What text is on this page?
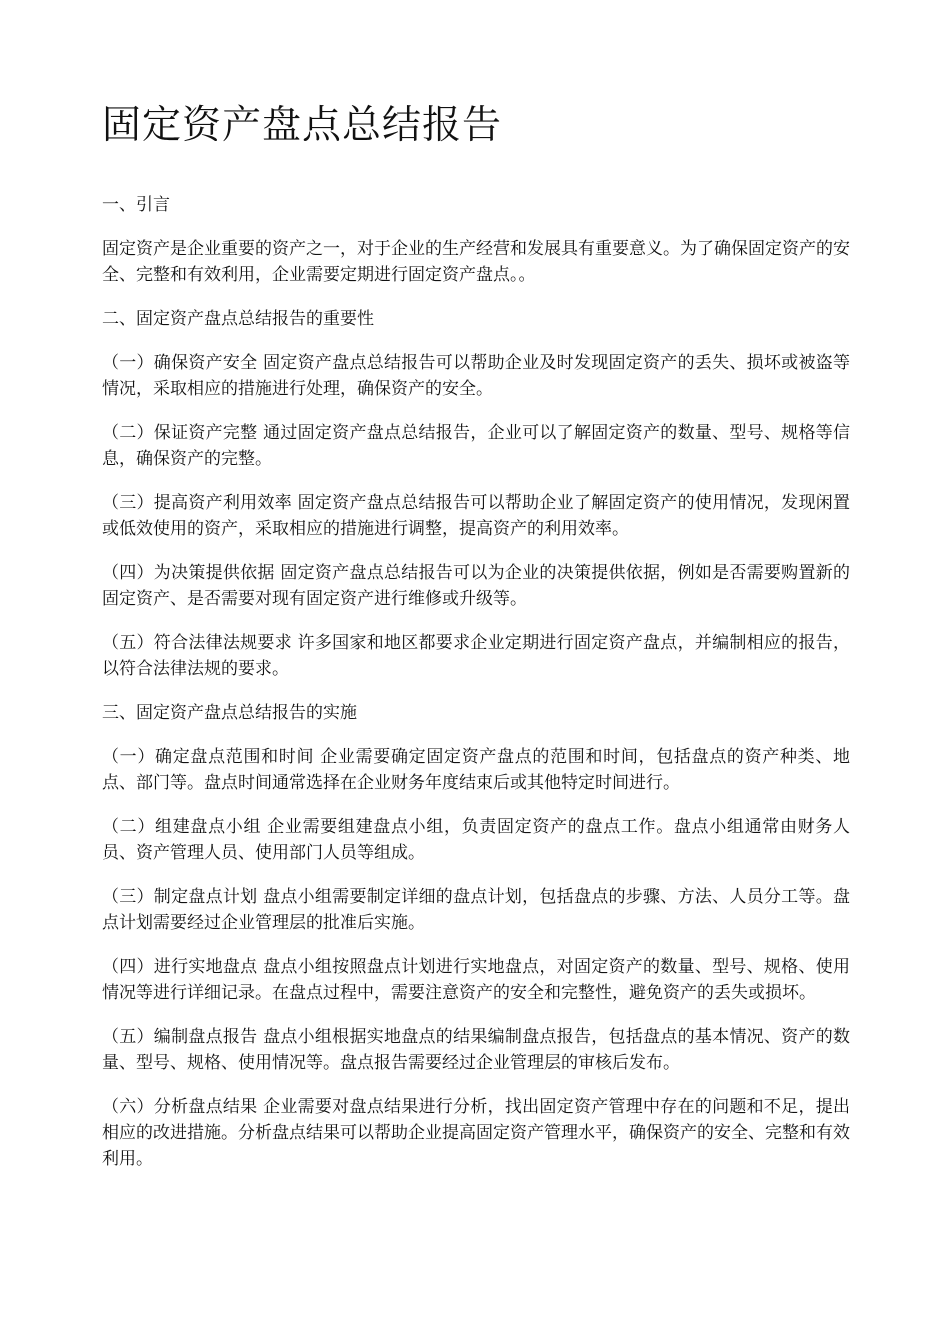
固定资产盘点总结报告

一、引言

固定资产是企业重要的资产之一，对于企业的生产经营和发展具有重要意义。为了确保固定资产的安全、完整和有效利用，企业需要定期进行固定资产盘点。。

二、固定资产盘点总结报告的重要性

（一）确保资产安全 固定资产盘点总结报告可以帮助企业及时发现固定资产的丢失、损坏或被盗等情况，采取相应的措施进行处理，确保资产的安全。

（二）保证资产完整 通过固定资产盘点总结报告，企业可以了解固定资产的数量、型号、规格等信息，确保资产的完整。

（三）提高资产利用效率 固定资产盘点总结报告可以帮助企业了解固定资产的使用情况，发现闲置或低效使用的资产，采取相应的措施进行调整，提高资产的利用效率。

（四）为决策提供依据 固定资产盘点总结报告可以为企业的决策提供依据，例如是否需要购置新的固定资产、是否需要对现有固定资产进行维修或升级等。

（五）符合法律法规要求 许多国家和地区都要求企业定期进行固定资产盘点，并编制相应的报告，以符合法律法规的要求。

三、固定资产盘点总结报告的实施

（一）确定盘点范围和时间 企业需要确定固定资产盘点的范围和时间，包括盘点的资产种类、地点、部门等。盘点时间通常选择在企业财务年度结束后或其他特定时间进行。

（二）组建盘点小组 企业需要组建盘点小组，负责固定资产的盘点工作。盘点小组通常由财务人员、资产管理人员、使用部门人员等组成。

（三）制定盘点计划 盘点小组需要制定详细的盘点计划，包括盘点的步骤、方法、人员分工等。盘点计划需要经过企业管理层的批准后实施。

（四）进行实地盘点 盘点小组按照盘点计划进行实地盘点，对固定资产的数量、型号、规格、使用情况等进行详细记录。在盘点过程中，需要注意资产的安全和完整性，避免资产的丢失或损坏。

（五）编制盘点报告 盘点小组根据实地盘点的结果编制盘点报告，包括盘点的基本情况、资产的数量、型号、规格、使用情况等。盘点报告需要经过企业管理层的审核后发布。

（六）分析盘点结果 企业需要对盘点结果进行分析，找出固定资产管理中存在的问题和不足，提出相应的改进措施。分析盘点结果可以帮助企业提高固定资产管理水平，确保资产的安全、完整和有效利用。
